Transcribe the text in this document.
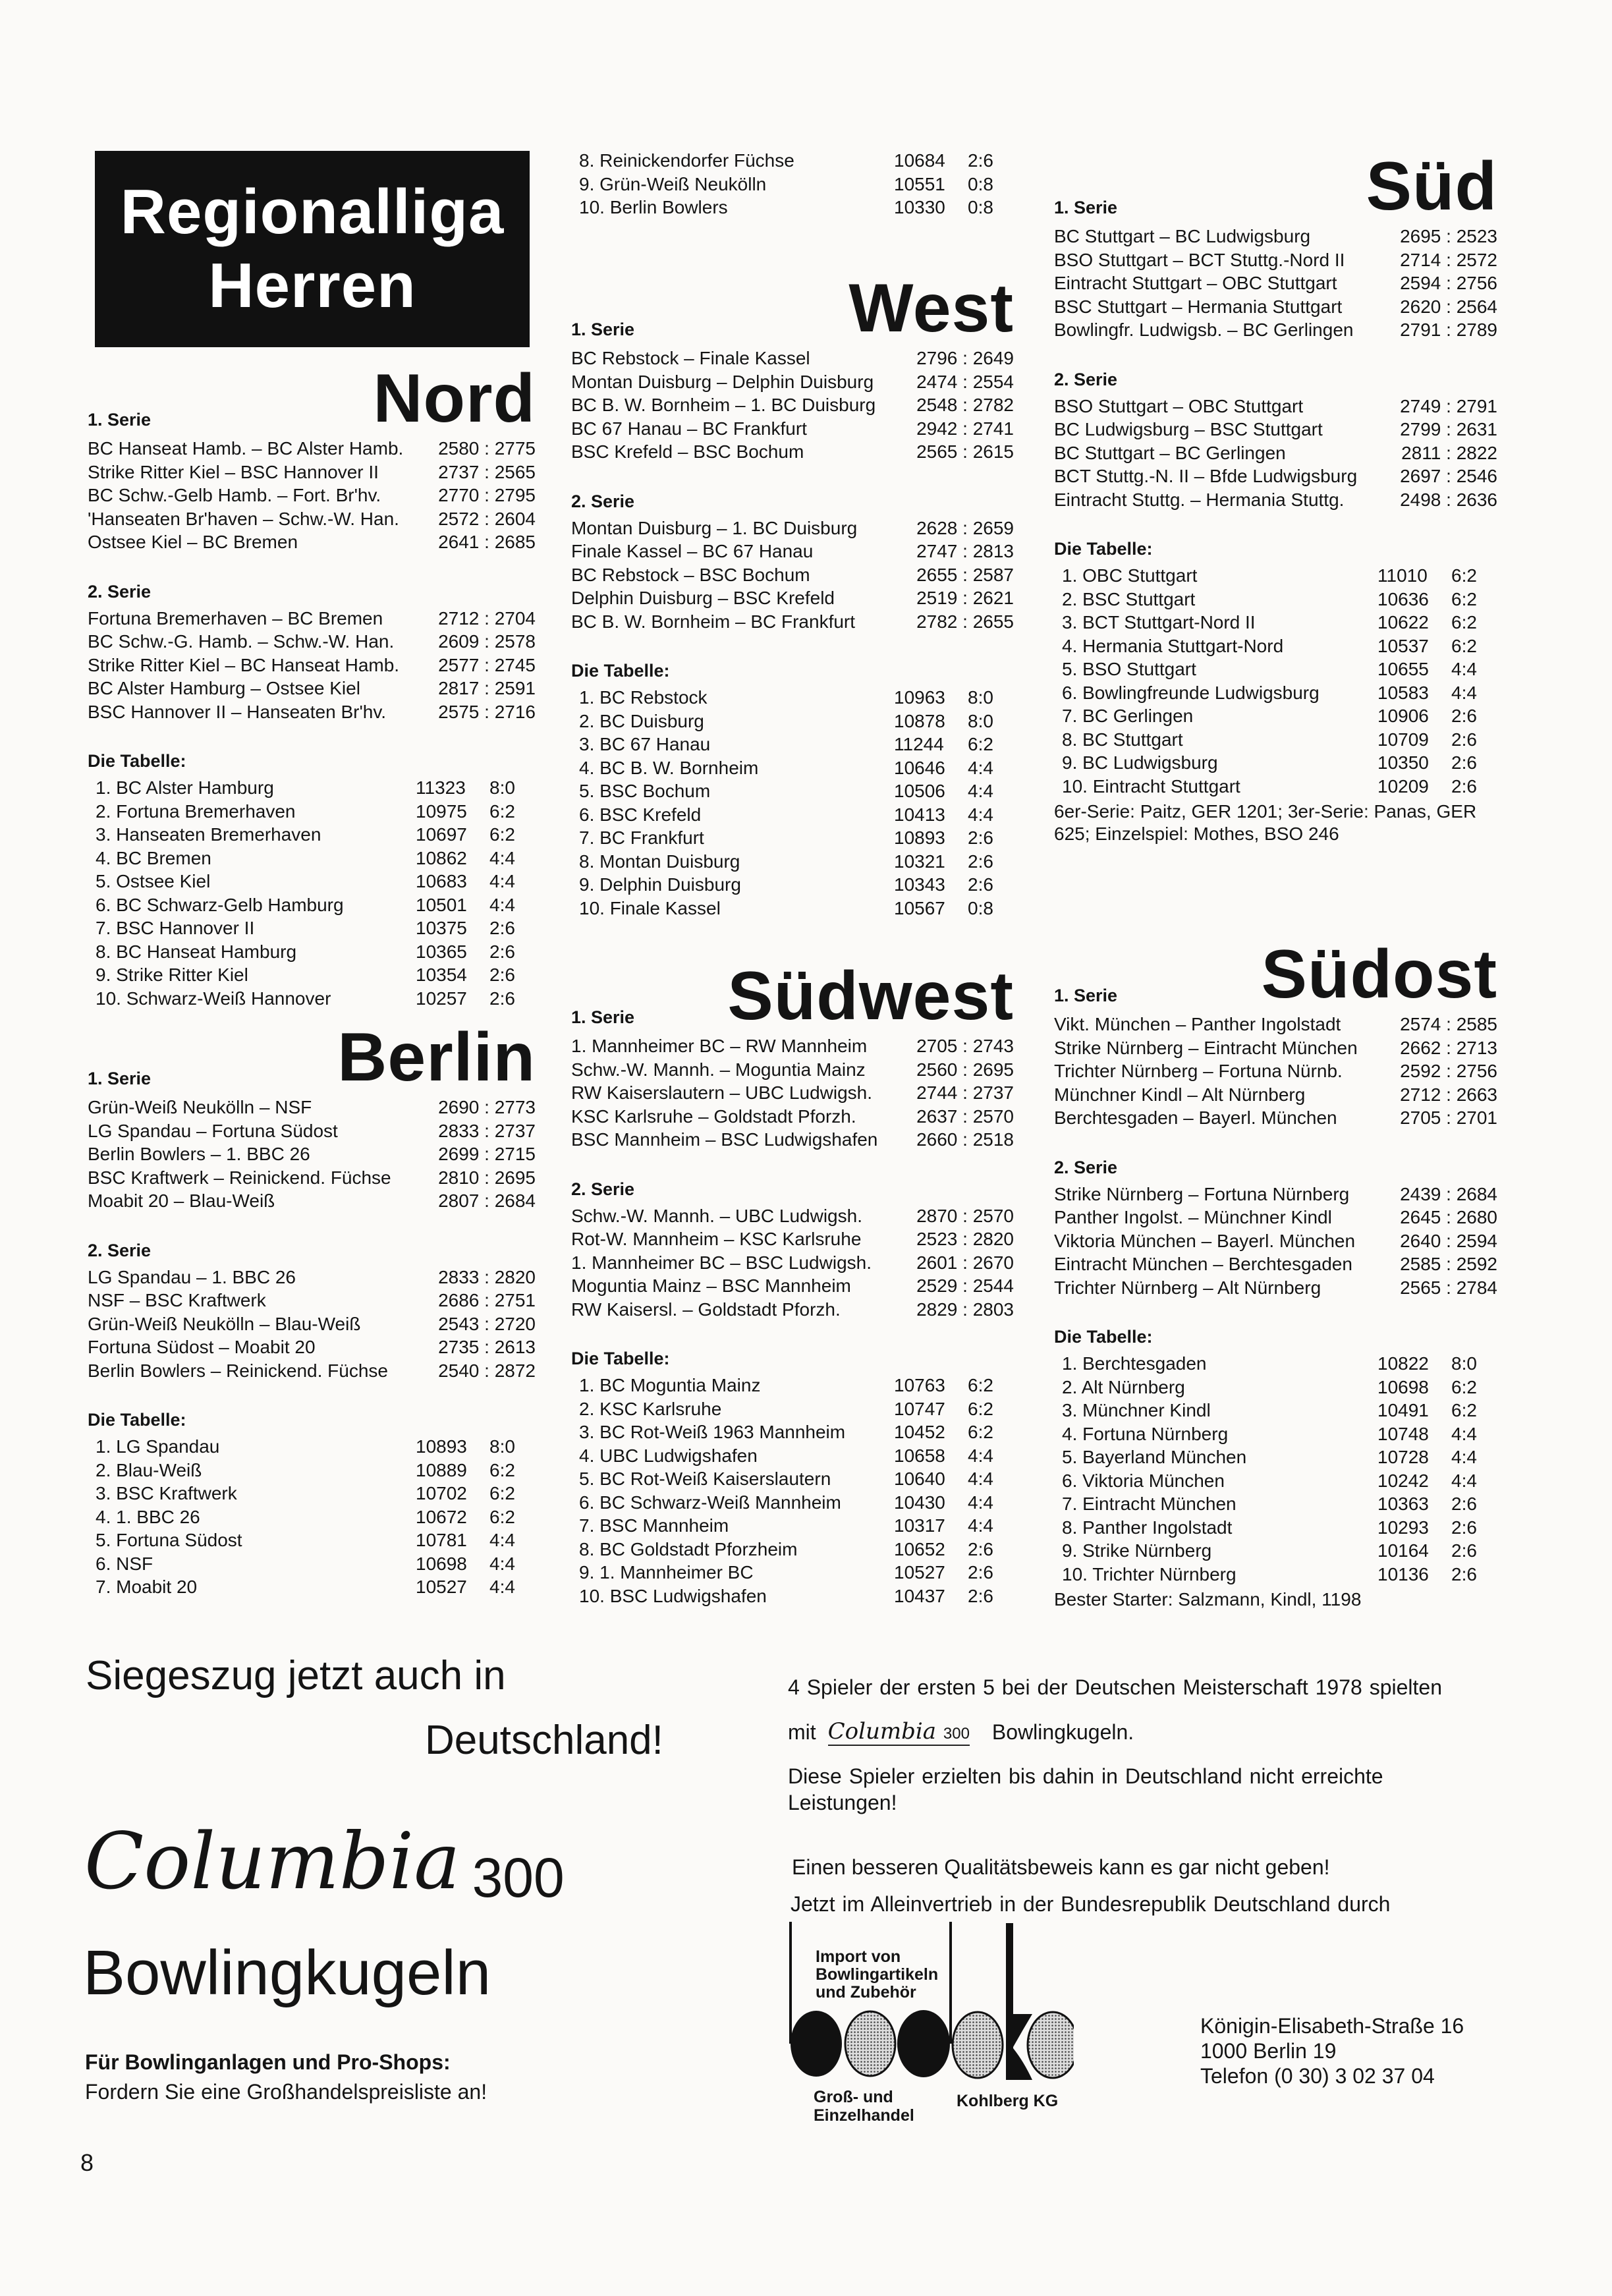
Regionalliga
Herren
1. Serie	Nord
BC Hanseat Hamb. – BC Alster Hamb. 2580 : 2775
Strike Ritter Kiel – BSC Hannover II	2737 : 2565
BC Schw.-Gelb Hamb. – Fort. Br'hv.	2770 : 2795
'Hanseaten Br'haven – Schw.-W. Han. 2572 : 2604
Ostsee Kiel – BC Bremen	2641 : 2685
2. Serie
Fortuna Bremerhaven – BC Bremen	2712 : 2704
BC Schw.-G. Hamb. – Schw.-W. Han. 2609 : 2578
Strike Ritter Kiel – BC Hanseat Hamb. 2577 : 2745
BC Alster Hamburg – Ostsee Kiel	2817 : 2591
BSC Hannover II – Hanseaten Br'hv.	2575 : 2716
Die Tabelle:
1. BC Alster Hamburg	11323	8:0
2. Fortuna Bremerhaven	10975	6:2
3. Hanseaten Bremerhaven	10697	6:2
4. BC Bremen	10862	4:4
5. Ostsee Kiel	10683	4:4
6. BC Schwarz-Gelb Hamburg	10501	4:4
7. BSC Hannover II	10375	2:6
8. BC Hanseat Hamburg	10365	2:6
9. Strike Ritter Kiel	10354	2:6
10. Schwarz-Weiß Hannover	10257	2:6
1. Serie	Berlin
Grün-Weiß Neukölln – NSF	2690 : 2773
LG Spandau – Fortuna Südost	2833 : 2737
Berlin Bowlers – 1. BBC 26	2699 : 2715
BSC Kraftwerk – Reinickend. Füchse	2810 : 2695
Moabit 20 – Blau-Weiß	2807 : 2684
2. Serie
LG Spandau – 1. BBC 26	2833 : 2820
NSF – BSC Kraftwerk	2686 : 2751
Grün-Weiß Neukölln – Blau-Weiß	2543 : 2720
Fortuna Südost – Moabit 20	2735 : 2613
Berlin Bowlers – Reinickend. Füchse	2540 : 2872
Die Tabelle:
1. LG Spandau	10893	8:0
2. Blau-Weiß	10889	6:2
3. BSC Kraftwerk	10702	6:2
4. 1. BBC 26	10672	6:2
5. Fortuna Südost	10781	4:4
6. NSF	10698	4:4
7. Moabit 20	10527	4:4
8. Reinickendorfer Füchse	10684	2:6
9. Grün-Weiß Neukölln	10551	0:8
10. Berlin Bowlers	10330	0:8
1. Serie	West
BC Rebstock – Finale Kassel	2796 : 2649
Montan Duisburg – Delphin Duisburg 2474 : 2554
BC B. W. Bornheim – 1. BC Duisburg 2548 : 2782
BC 67 Hanau – BC Frankfurt	2942 : 2741
BSC Krefeld – BSC Bochum	2565 : 2615
2. Serie
Montan Duisburg – 1. BC Duisburg	2628 : 2659
Finale Kassel – BC 67 Hanau	2747 : 2813
BC Rebstock – BSC Bochum	2655 : 2587
Delphin Duisburg – BSC Krefeld	2519 : 2621
BC B. W. Bornheim – BC Frankfurt	2782 : 2655
Die Tabelle:
1. BC Rebstock	10963	8:0
2. BC Duisburg	10878	8:0
3. BC 67 Hanau	11244	6:2
4. BC B. W. Bornheim	10646	4:4
5. BSC Bochum	10506	4:4
6. BSC Krefeld	10413	4:4
7. BC Frankfurt	10893	2:6
8. Montan Duisburg	10321	2:6
9. Delphin Duisburg	10343	2:6
10. Finale Kassel	10567	0:8
1. Serie Südwest
1. Mannheimer BC – RW Mannheim	2705 : 2743
Schw.-W. Mannh. – Moguntia Mainz	2560 : 2695
RW Kaiserslautern – UBC Ludwigsh. 2744 : 2737
KSC Karlsruhe – Goldstadt Pforzh.	2637 : 2570
BSC Mannheim – BSC Ludwigshafen 2660 : 2518
2. Serie
Schw.-W. Mannh. – UBC Ludwigsh.	2870 : 2570
Rot-W. Mannheim – KSC Karlsruhe	2523 : 2820
1. Mannheimer BC – BSC Ludwigsh. 2601 : 2670
Moguntia Mainz – BSC Mannheim	2529 : 2544
RW Kaisersl. – Goldstadt Pforzh.	2829 : 2803
Die Tabelle:
1. BC Moguntia Mainz	10763	6:2
2. KSC Karlsruhe	10747	6:2
3. BC Rot-Weiß 1963 Mannheim	10452	6:2
4. UBC Ludwigshafen	10658	4:4
5. BC Rot-Weiß Kaiserslautern	10640	4:4
6. BC Schwarz-Weiß Mannheim	10430	4:4
7. BSC Mannheim	10317	4:4
8. BC Goldstadt Pforzheim	10652	2:6
9. 1. Mannheimer BC	10527	2:6
10. BSC Ludwigshafen	10437	2:6
1. Serie	Süd
BC Stuttgart – BC Ludwigsburg	2695 : 2523
BSO Stuttgart – BCT Stuttg.-Nord II	2714 : 2572
Eintracht Stuttgart – OBC Stuttgart	2594 : 2756
BSC Stuttgart – Hermania Stuttgart	2620 : 2564
Bowlingfr. Ludwigsb. – BC Gerlingen	2791 : 2789
2. Serie
BSO Stuttgart – OBC Stuttgart	2749 : 2791
BC Ludwigsburg – BSC Stuttgart	2799 : 2631
BC Stuttgart – BC Gerlingen	2811 : 2822
BCT Stuttg.-N. II – Bfde Ludwigsburg 2697 : 2546
Eintracht Stuttg. – Hermania Stuttg.	2498 : 2636
Die Tabelle:
1. OBC Stuttgart	11010	6:2
2. BSC Stuttgart	10636	6:2
3. BCT Stuttgart-Nord II	10622	6:2
4. Hermania Stuttgart-Nord	10537	6:2
5. BSO Stuttgart	10655	4:4
6. Bowlingfreunde Ludwigsburg	10583	4:4
7. BC Gerlingen	10906	2:6
8. BC Stuttgart	10709	2:6
9. BC Ludwigsburg	10350	2:6
10. Eintracht Stuttgart	10209	2:6
6er-Serie: Paitz, GER 1201; 3er-Serie: Panas, GER 625; Einzelspiel: Mothes, BSO 246
1. Serie Südost
Vikt. München – Panther Ingolstadt	2574 : 2585
Strike Nürnberg – Eintracht München 2662 : 2713
Trichter Nürnberg – Fortuna Nürnb.	2592 : 2756
Münchner Kindl – Alt Nürnberg	2712 : 2663
Berchtesgaden – Bayerl. München	2705 : 2701
2. Serie
Strike Nürnberg – Fortuna Nürnberg	2439 : 2684
Panther Ingolst. – Münchner Kindl	2645 : 2680
Viktoria München – Bayerl. München 2640 : 2594
Eintracht München – Berchtesgaden	2585 : 2592
Trichter Nürnberg – Alt Nürnberg	2565 : 2784
Die Tabelle:
1. Berchtesgaden	10822	8:0
2. Alt Nürnberg	10698	6:2
3. Münchner Kindl	10491	6:2
4. Fortuna Nürnberg	10748	4:4
5. Bayerland München	10728	4:4
6. Viktoria München	10242	4:4
7. Eintracht München	10363	2:6
8. Panther Ingolstadt	10293	2:6
9. Strike Nürnberg	10164	2:6
10. Trichter Nürnberg	10136	2:6
Bester Starter: Salzmann, Kindl, 1198
Siegeszug jetzt auch in
Deutschland!
Columbia 300
Bowlingkugeln
Für Bowlinganlagen und Pro-Shops:
Fordern Sie eine Großhandelspreisliste an!
4 Spieler der ersten 5 bei der Deutschen Meisterschaft 1978 spielten
mit Columbia 300 Bowlingkugeln.
Diese Spieler erzielten bis dahin in Deutschland nicht erreichte
Leistungen!
Einen besseren Qualitätsbeweis kann es gar nicht geben!
Jetzt im Alleinvertrieb in der Bundesrepublik Deutschland durch
Import von
Bowlingartikeln
und Zubehör
Groß- und
Einzelhandel
Kohlberg KG
Königin-Elisabeth-Straße 16
1000 Berlin 19
Telefon (0 30) 3 02 37 04
8
